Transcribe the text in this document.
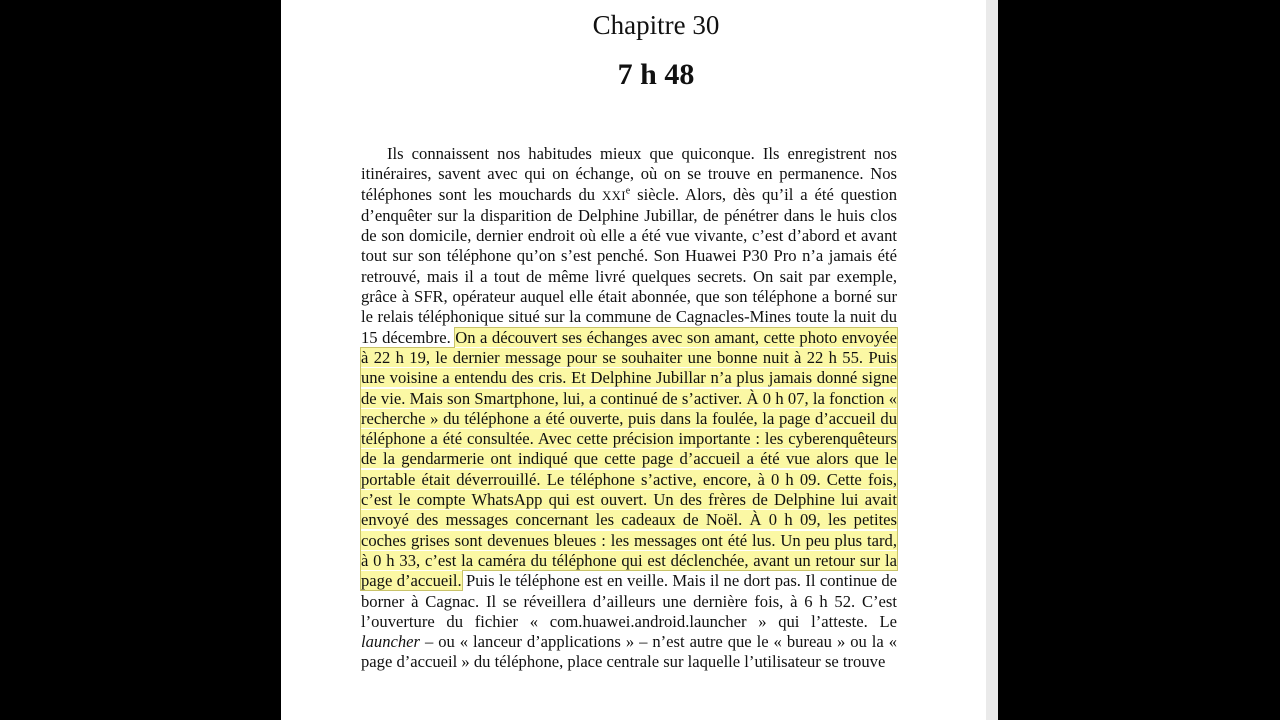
Chapitre 30
7 h 48

Ils connaissent nos habitudes mieux que quiconque. Ils enregistrent nos itinéraires, savent avec qui on échange, où on se trouve en permanence. Nos téléphones sont les mouchards du XXIe siècle. Alors, dès qu’il a été question d’enquêter sur la disparition de Delphine Jubillar, de pénétrer dans le huis clos de son domicile, dernier endroit où elle a été vue vivante, c’est d’abord et avant tout sur son téléphone qu’on s’est penché. Son Huawei P30 Pro n’a jamais été retrouvé, mais il a tout de même livré quelques secrets. On sait par exemple, grâce à SFR, opérateur auquel elle était abonnée, que son téléphone a borné sur le relais téléphonique situé sur la commune de Cagnacles-Mines toute la nuit du 15 décembre. On a découvert ses échanges avec son amant, cette photo envoyée à 22 h 19, le dernier message pour se souhaiter une bonne nuit à 22 h 55. Puis une voisine a entendu des cris. Et Delphine Jubillar n’a plus jamais donné signe de vie. Mais son Smartphone, lui, a continué de s’activer. À 0 h 07, la fonction « recherche » du téléphone a été ouverte, puis dans la foulée, la page d’accueil du téléphone a été consultée. Avec cette précision importante : les cyberenquêteurs de la gendarmerie ont indiqué que cette page d’accueil a été vue alors que le portable était déverrouillé. Le téléphone s’active, encore, à 0 h 09. Cette fois, c’est le compte WhatsApp qui est ouvert. Un des frères de Delphine lui avait envoyé des messages concernant les cadeaux de Noël. À 0 h 09, les petites coches grises sont devenues bleues : les messages ont été lus. Un peu plus tard, à 0 h 33, c’est la caméra du téléphone qui est déclenchée, avant un retour sur la page d’accueil. Puis le téléphone est en veille. Mais il ne dort pas. Il continue de borner à Cagnac. Il se réveillera d’ailleurs une dernière fois, à 6 h 52. C’est l’ouverture du fichier « com.huawei.android.launcher » qui l’atteste. Le launcher – ou « lanceur d’applications » – n’est autre que le « bureau » ou la « page d’accueil » du téléphone, place centrale sur laquelle l’utilisateur se trouve
